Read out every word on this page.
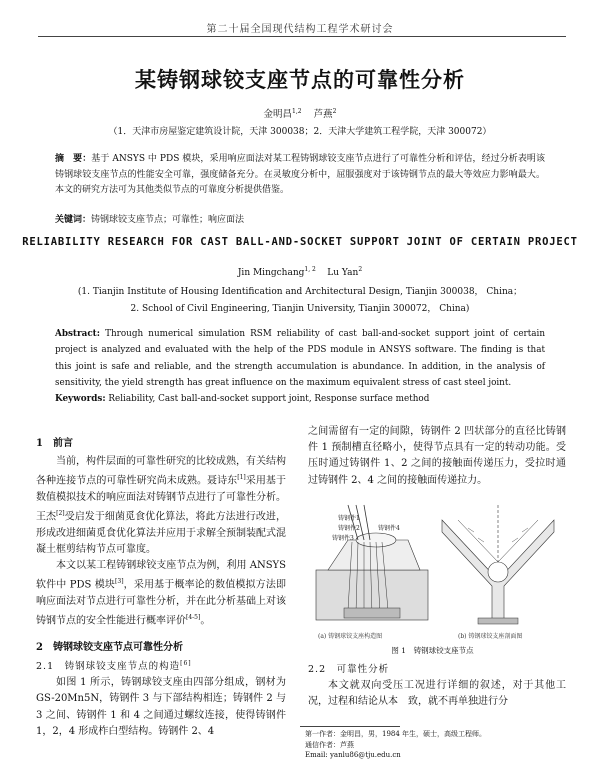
第二十届全国现代结构工程学术研讨会
某铸钢球铰支座节点的可靠性分析
金明昌$^{1,2}$ 芦燕$^2$
（1．天津市房屋鉴定建筑设计院，天津 300038；2．天津大学建筑工程学院，天津 300072）
摘　要：基于 ANSYS 中 PDS 模块，采用响应面法对某工程铸钢球铰支座节点进行了可靠性分析和评估，经过分析表明该铸钢球铰支座节点的性能安全可靠，强度储备充分。在灵敏度分析中，屈服强度对于该铸钢节点的最大等效应力影响最大。本文的研究方法可为其他类似节点的可靠度分析提供借鉴。
关键词：铸钢球铰支座节点；可靠性；响应面法
RELIABILITY RESEARCH FOR CAST BALL-AND-SOCKET SUPPORT JOINT OF CERTAIN PROJECT
Jin Mingchang$^{1, 2}$ Lu Yan$^2$
(1. Tianjin Institute of Housing Identification and Architectural Design, Tianjin 300038， China；
2. School of Civil Engineering, Tianjin University, Tianjin 300072， China)
Abstract: Through numerical simulation RSM reliability of cast ball-and-socket support joint of certain project is analyzed and evaluated with the help of the PDS module in ANSYS software. The finding is that this joint is safe and reliable, and the strength accumulation is abundance. In addition, in the analysis of sensitivity, the yield strength has great influence on the maximum equivalent stress of cast steel joint.
Keywords: Reliability, Cast ball-and-socket support joint, Response surface method
1　前言

当前，构件层面的可靠性研究的比较成熟，有关结构各种连接节点的可靠性研究尚未成熟。聂诗东[1]采用基于数值模拟技术的响应面法对铸钢节点进行了可靠性分析。王杰[2]受启发于细菌觅食优化算法，将此方法进行改进，形成改进细菌觅食优化算法并应用于求解全预制装配式混凝土框剪结构节点可靠度。

本文以某工程铸钢球铰支座节点为例，利用 ANSYS 软件中 PDS 模块[3]，采用基于概率论的数值模拟方法即响应面法对节点进行可靠性分析，并在此分析基础上对该铸钢节点的安全性能进行概率评价[4-5]。

2　铸钢球铰支座节点可靠性分析
2.1　铸钢球铰支座节点的构造[6]

如图 1 所示，铸钢球铰支座由四部分组成，钢材为 GS-20Mn5N，铸钢件 3 与下部结构相连；铸钢件 2 与 3 之间、铸钢件 1 和 4 之间通过螺纹连接，使得铸钢件 1，2，4 形成柞白型结构。铸钢件 2、4

之间需留有一定的间隙，铸钢件 2 凹状部分的直径比铸钢件 1 预制槽直径略小，使得节点具有一定的转动功能。受压时通过铸钢件 1、2 之间的接触面传递压力，受拉时通过铸钢件 2、4 之间的接触面传递拉力。

铸钢件1
铸钢件2
铸钢件3
铸钢件4
(a) 铸钢球铰支座构造图	(b) 铸钢球铰支座剖面图
图 1　铸钢球铰支座节点
2.2　可靠性分析

本文就双向受压工况进行详细的叙述，对于其他工况，过程和结论从本　致，就不再单独进行分

第一作者：金明昌，男，1984 年生，硕士，高级工程师。
通信作者：芦燕
Email: yanlu86@tju.edu.cn
